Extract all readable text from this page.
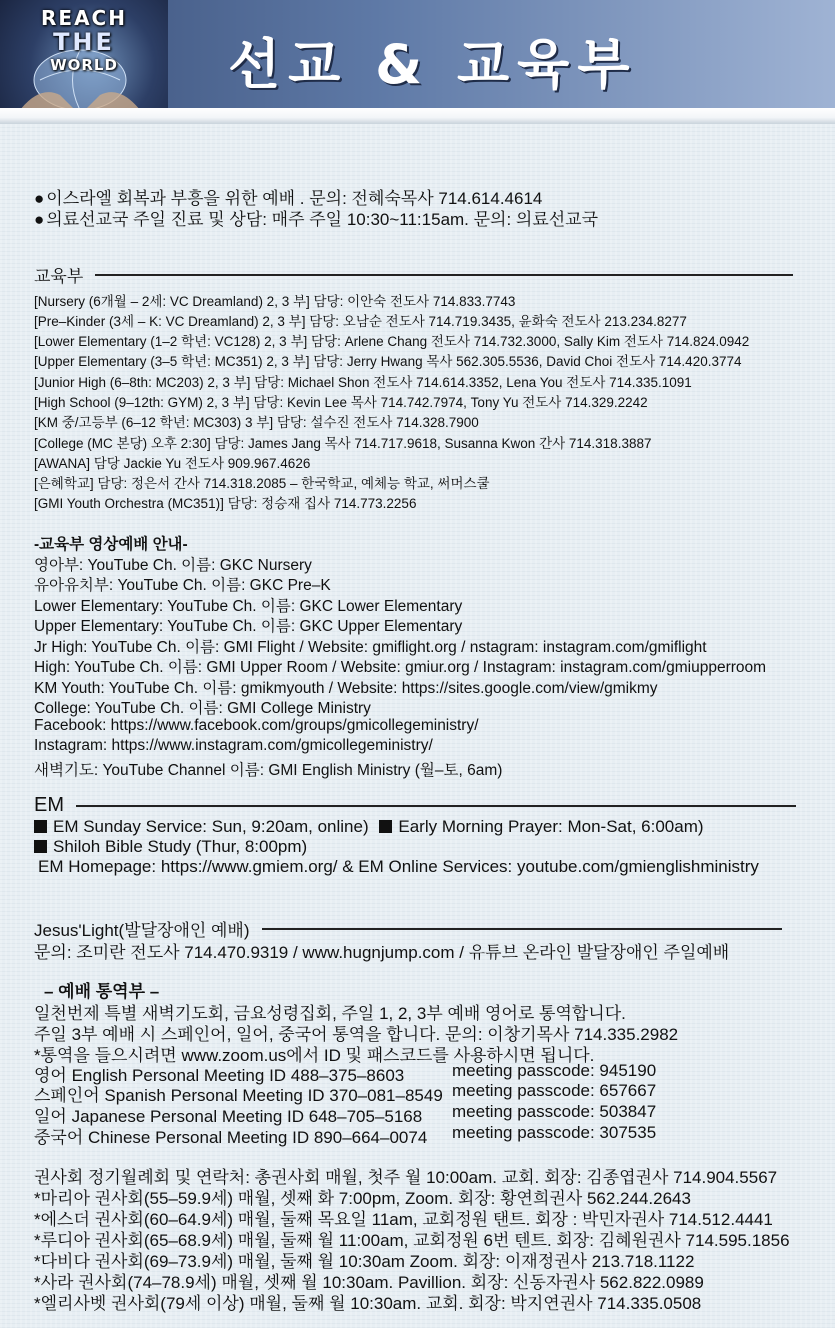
REACH
THE
WORLD	선교 & 교육부
● 이스라엘 회복과 부흥을 위한 예배 . 문의: 전혜숙목사 714.614.4614
● 의료선교국 주일 진료 및 상담: 매주 주일 10:30~11:15am. 문의: 의료선교국
교육부
[Nursery (6개월 – 2세: VC Dreamland) 2, 3 부] 담당: 이안숙 전도사 714.833.7743
[Pre–Kinder (3세 – K: VC Dreamland) 2, 3 부] 담당: 오남순 전도사 714.719.3435, 윤화숙 전도사 213.234.8277
[Lower Elementary (1–2 학년: VC128) 2, 3 부] 담당: Arlene Chang 전도사 714.732.3000, Sally Kim 전도사 714.824.0942
[Upper Elementary (3–5 학년: MC351) 2, 3 부] 담당: Jerry Hwang 목사 562.305.5536, David Choi 전도사 714.420.3774
[Junior High (6–8th: MC203) 2, 3 부] 담당: Michael Shon 전도사 714.614.3352, Lena You 전도사 714.335.1091
[High School (9–12th: GYM) 2, 3 부] 담당: Kevin Lee 목사 714.742.7974, Tony Yu 전도사 714.329.2242
[KM 중/고등부 (6–12 학년: MC303) 3 부] 담당: 설수진 전도사 714.328.7900
[College (MC 본당) 오후 2:30] 담당: James Jang 목사 714.717.9618, Susanna Kwon 간사 714.318.3887
[AWANA] 담당 Jackie Yu 전도사 909.967.4626
[은혜학교] 담당: 정은서 간사 714.318.2085 – 한국학교, 예체능 학교, 써머스쿨
[GMI Youth Orchestra (MC351)] 담당: 정승재 집사 714.773.2256
-교육부 영상예배 안내-
영아부: YouTube Ch. 이름: GKC Nursery
유아유치부: YouTube Ch. 이름: GKC Pre–K
Lower Elementary: YouTube Ch. 이름: GKC Lower Elementary
Upper Elementary: YouTube Ch. 이름: GKC Upper Elementary
Jr High: YouTube Ch. 이름: GMI Flight / Website: gmiflight.org / nstagram: instagram.com/gmiflight
High: YouTube Ch. 이름: GMI Upper Room / Website: gmiur.org / Instagram: instagram.com/gmiupperroom
KM Youth: YouTube Ch. 이름: gmikmyouth / Website: https://sites.google.com/view/gmikmy
College: YouTube Ch. 이름: GMI College Ministry
Facebook: https://www.facebook.com/groups/gmicollegeministry/
Instagram: https://www.instagram.com/gmicollegeministry/
새벽기도: YouTube Channel 이름: GMI English Ministry (월–토, 6am)
EM
EM Sunday Service: Sun, 9:20am, online) Early Morning Prayer: Mon-Sat, 6:00am)
Shiloh Bible Study (Thur, 8:00pm)
EM Homepage: https://www.gmiem.org/ & EM Online Services: youtube.com/gmienglishministry
Jesus'Light(발달장애인 예배)
문의: 조미란 전도사 714.470.9319 / www.hugnjump.com / 유튜브 온라인 발달장애인 주일예배
– 예배 통역부 –
일천번제 특별 새벽기도회, 금요성령집회, 주일 1, 2, 3부 예배 영어로 통역합니다.
주일 3부 예배 시 스페인어, 일어, 중국어 통역을 합니다. 문의: 이창기목사 714.335.2982
*통역을 들으시려면 www.zoom.us에서 ID 및 패스코드를 사용하시면 됩니다.
영어 English Personal Meeting ID 488–375–8603	meeting passcode: 945190
스페인어 Spanish Personal Meeting ID 370–081–8549 meeting passcode: 657667
일어 Japanese Personal Meeting ID 648–705–5168 meeting passcode: 503847
중국어 Chinese Personal Meeting ID 890–664–0074 meeting passcode: 307535
권사회 정기월례회 및 연락처: 총권사회 매월, 첫주 월 10:00am. 교회. 회장: 김종엽권사 714.904.5567
*마리아 권사회(55–59.9세) 매월, 셋째 화 7:00pm, Zoom. 회장: 황연희권사 562.244.2643
*에스더 권사회(60–64.9세) 매월, 둘째 목요일 11am, 교회정원 탠트. 회장 : 박민자권사 714.512.4441
*루디아 권사회(65–68.9세) 매월, 둘째 월 11:00am, 교회정원 6번 텐트. 회장: 김혜원권사 714.595.1856
*다비다 권사회(69–73.9세) 매월, 둘째 월 10:30am Zoom. 회장: 이재정권사 213.718.1122
*사라 권사회(74–78.9세) 매월, 셋째 월 10:30am. Pavillion. 회장: 신동자권사 562.822.0989
*엘리사벳 권사회(79세 이상) 매월, 둘째 월 10:30am. 교회. 회장: 박지연권사 714.335.0508
